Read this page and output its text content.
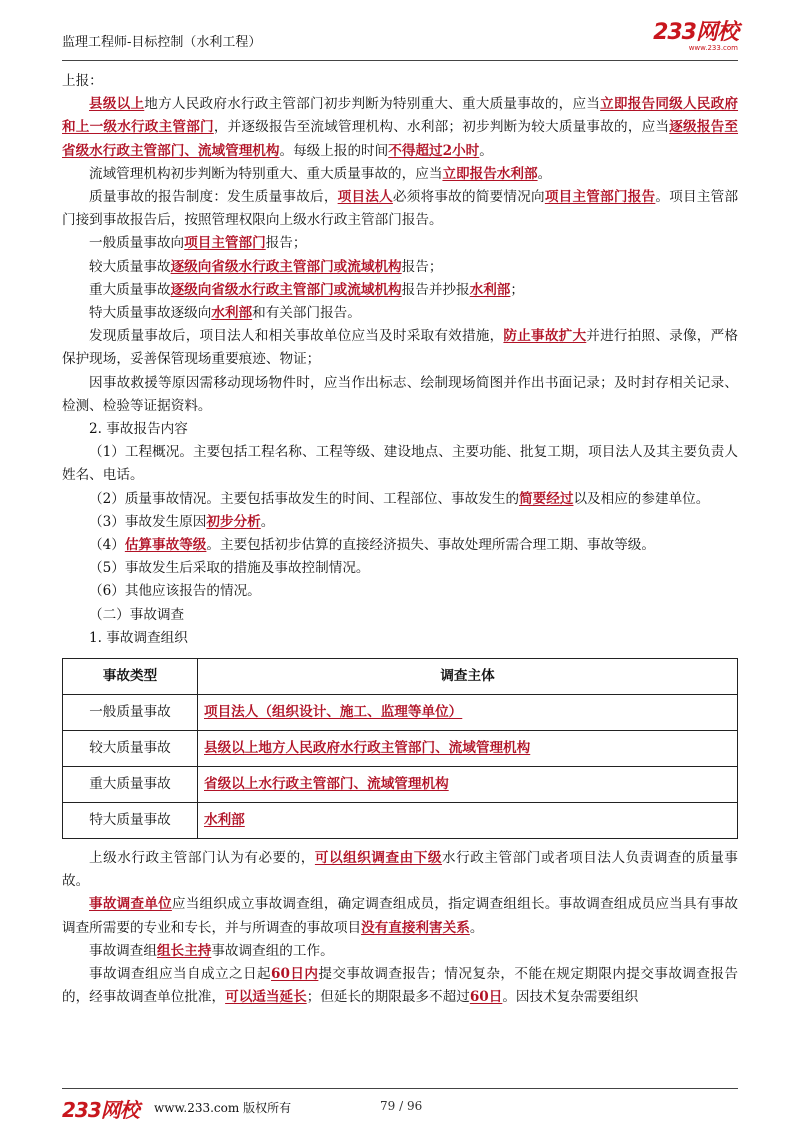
监理工程师-目标控制（水利工程）	233网校
www.233.com

上报：

县级以上地方人民政府水行政主管部门初步判断为特别重大、重大质量事故的，应当立即报告同级人民政府和上一级水行政主管部门，并逐级报告至流域管理机构、水利部；初步判断为较大质量事故的，应当逐级报告至省级水行政主管部门、流域管理机构。每级上报的时间不得超过2小时。

流域管理机构初步判断为特别重大、重大质量事故的，应当立即报告水利部。

质量事故的报告制度：发生质量事故后，项目法人必须将事故的简要情况向项目主管部门报告。项目主管部门接到事故报告后，按照管理权限向上级水行政主管部门报告。

一般质量事故向项目主管部门报告；

较大质量事故逐级向省级水行政主管部门或流域机构报告；

重大质量事故逐级向省级水行政主管部门或流域机构报告并抄报水利部；

特大质量事故逐级向水利部和有关部门报告。

发现质量事故后，项目法人和相关事故单位应当及时采取有效措施，防止事故扩大并进行拍照、录像，严格保护现场，妥善保管现场重要痕迹、物证；

因事故救援等原因需移动现场物件时，应当作出标志、绘制现场简图并作出书面记录；及时封存相关记录、检测、检验等证据资料。

2. 事故报告内容

（1）工程概况。主要包括工程名称、工程等级、建设地点、主要功能、批复工期，项目法人及其主要负责人姓名、电话。

（2）质量事故情况。主要包括事故发生的时间、工程部位、事故发生的简要经过以及相应的参建单位。

（3）事故发生原因初步分析。

（4）估算事故等级。主要包括初步估算的直接经济损失、事故处理所需合理工期、事故等级。

（5）事故发生后采取的措施及事故控制情况。

（6）其他应该报告的情况。

（二）事故调查

1. 事故调查组织

事故类型	调查主体
一般质量事故	项目法人（组织设计、施工、监理等单位）
较大质量事故	县级以上地方人民政府水行政主管部门、流域管理机构
重大质量事故	省级以上水行政主管部门、流域管理机构
特大质量事故	水利部

上级水行政主管部门认为有必要的，可以组织调查由下级水行政主管部门或者项目法人负责调查的质量事故。

事故调查单位应当组织成立事故调查组，确定调查组成员，指定调查组组长。事故调查组成员应当具有事故调查所需要的专业和专长，并与所调查的事故项目没有直接利害关系。

事故调查组组长主持事故调查组的工作。

事故调查组应当自成立之日起60日内提交事故调查报告；情况复杂，不能在规定期限内提交事故调查报告的，经事故调查单位批准，可以适当延长；但延长的期限最多不超过60日。因技术复杂需要组织

233网校 www.233.com 版权所有	79 / 96
